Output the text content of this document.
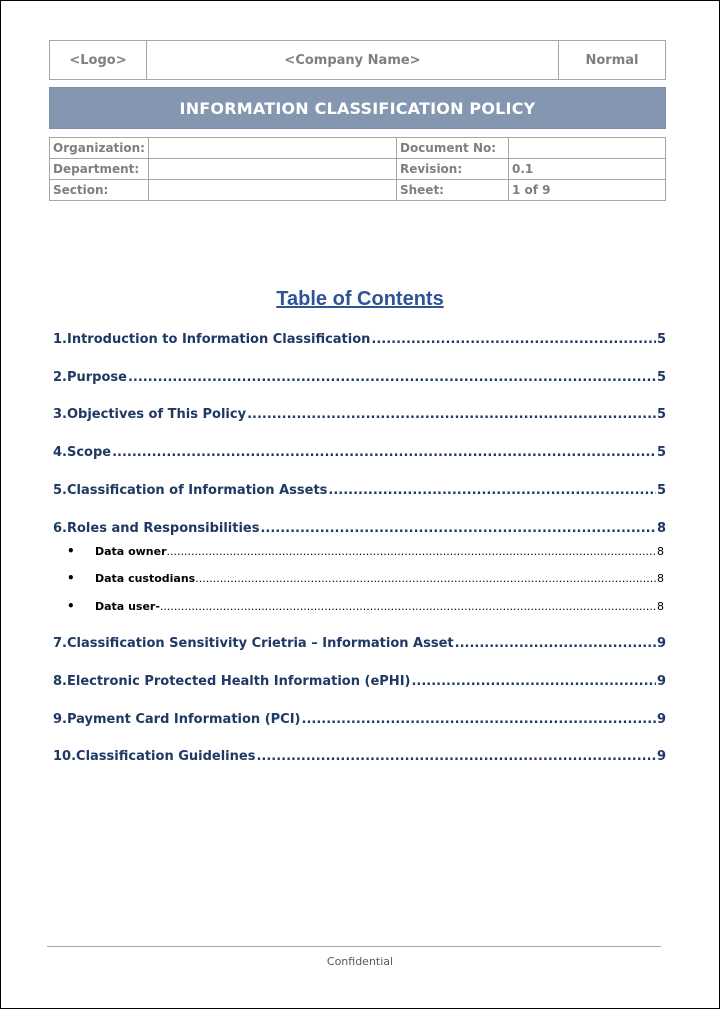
<Logo>	<Company Name>	Normal
INFORMATION CLASSIFICATION POLICY
Organization:		Document No:	
Department:		Revision:	0.1
Section:		Sheet:	1 of 9
Table of Contents
1.Introduction to Information Classification .....	5
2.Purpose .....	5
3.Objectives of This Policy .....	5
4.Scope .....	5
5.Classification of Information Assets .....	5
6.Roles and Responsibilities .....	8
•	Data owner .....	8
•	Data custodians .....	8
•	Data user- .....	8
7.Classification Sensitivity Crietria – Information Asset .....	9
8.Electronic Protected Health Information (ePHI) .....	9
9.Payment Card Information (PCI) .....	9
10.Classification Guidelines .....	9
Confidential
